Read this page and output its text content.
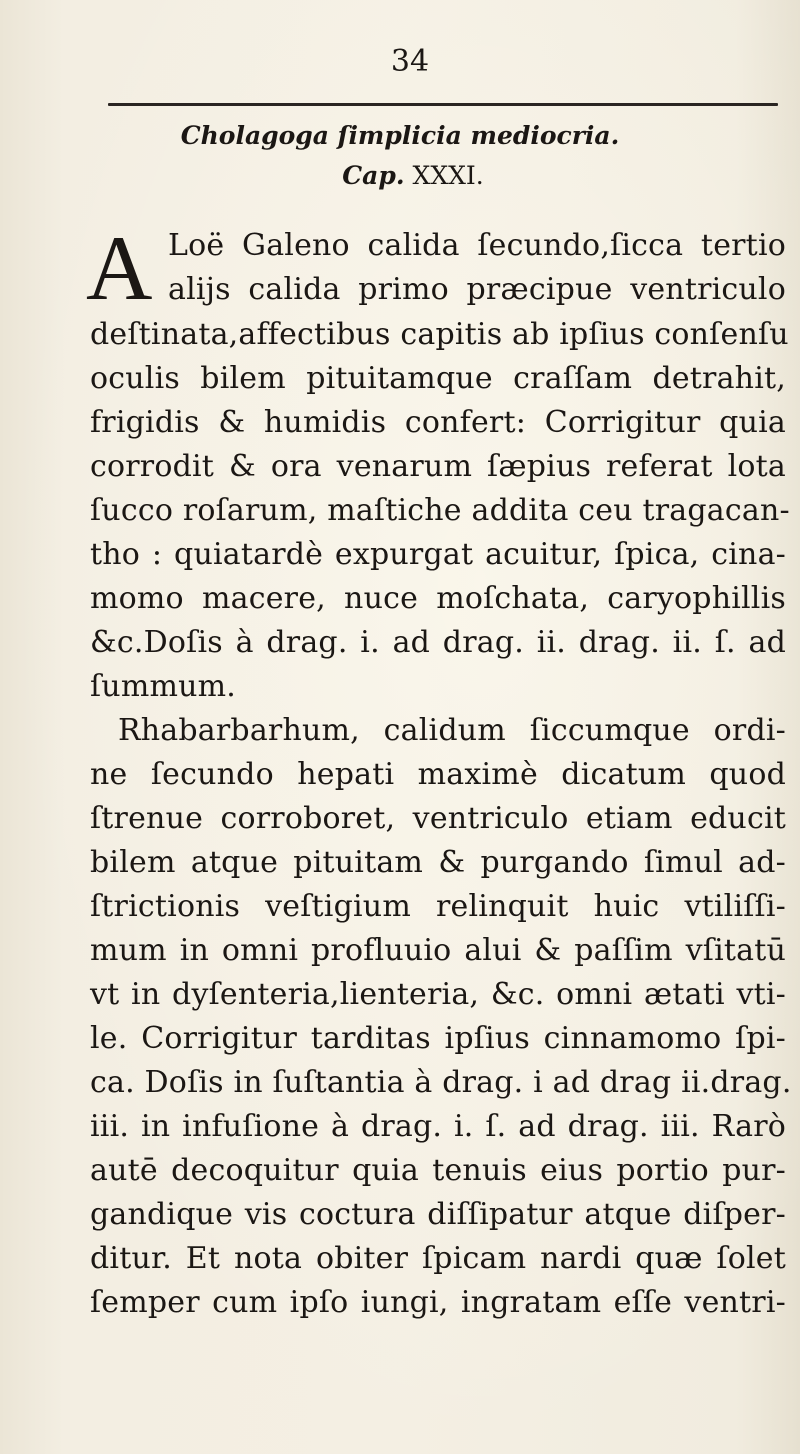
34
Cholagoga ſimplicia mediocria.
Cap. XXXI.
A Loë Galeno calida ſecundo,ſicca tertio
alijs calida primo præcipue ventriculo
deſtinata,affectibus capitis ab ipſius conſenſu
oculis bilem pituitamque craſſam detrahit,
frigidis & humidis confert: Corrigitur quia
corrodit & ora venarum ſæpius referat lota
ſucco roſarum, maſtiche addita ceu tragacan-
tho : quiatardè expurgat acuitur, ſpica, cina-
momo macere, nuce moſchata, caryophillis
&c.Doſis à drag. i. ad drag. ii. drag. ii. ſ. ad
ſummum.
Rhabarbarhum, calidum ſiccumque ordi-
ne ſecundo hepati maximè dicatum quod
ſtrenue corroboret, ventriculo etiam educit
bilem atque pituitam & purgando ſimul ad-
ſtrictionis veſtigium relinquit huic vtiliſſi-
mum in omni profluuio alui & paſſim vſitatū
vt in dyſenteria,lienteria, &c. omni ætati vti-
le. Corrigitur tarditas ipſius cinnamomo ſpi-
ca. Doſis in ſuſtantia à drag. i ad drag ii.drag.
iii. in infuſione à drag. i. ſ. ad drag. iii. Rarò
autē decoquitur quia tenuis eius portio pur-
gandique vis coctura diſſipatur atque diſper-
ditur. Et nota obiter ſpicam nardi quæ ſolet
ſemper cum ipſo iungi, ingratam eſſe ventri-
